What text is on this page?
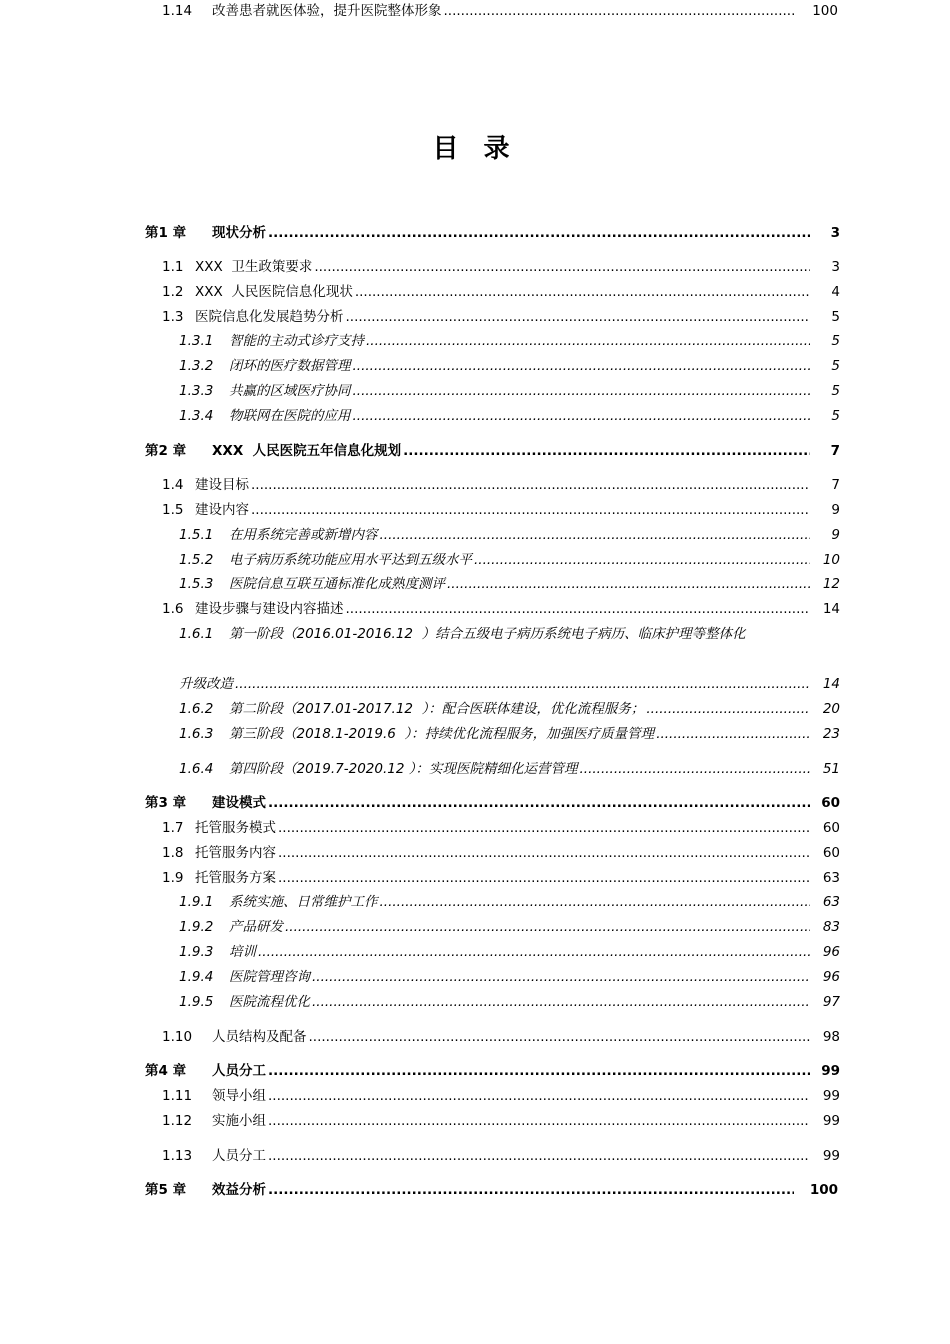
目 录
第1 章 现状分析 .....	3
1.1 XXX  卫生政策要求 .....	3
1.2 XXX  人民医院信息化现状 .....	4
1.3 医院信息化发展趋势分析 .....	5
1.3.1 智能的主动式诊疗支持 .....	5
1.3.2 闭环的医疗数据管理 .....	5
1.3.3 共赢的区域医疗协同 .....	5
1.3.4 物联网在医院的应用 .....	5
第2 章 XXX  人民医院五年信息化规划 .....	7
1.4 建设目标 .....	7
1.5 建设内容 .....	9
1.5.1 在用系统完善或新增内容 .....	9
1.5.2 电子病历系统功能应用水平达到五级水平 .....	10
1.5.3 医院信息互联互通标准化成熟度测评 .....	12
1.6 建设步骤与建设内容描述 .....	14
1.6.1 第一阶段（2016.01-2016.12  ）结合五级电子病历系统电子病历、临床护理等整体化
升级改造 .....	14
1.6.2 第二阶段（2017.01-2017.12  ）：配合医联体建设，优化流程服务； .....	20
1.6.3 第三阶段（2018.1-2019.6  ）：持续优化流程服务，加强医疗质量管理 .....	23
1.6.4 第四阶段（2019.7-2020.12 ）：实现医院精细化运营管理 .....	51
第3 章 建设模式 .....	60
1.7 托管服务模式 .....	60
1.8 托管服务内容 .....	60
1.9 托管服务方案 .....	63
1.9.1 系统实施、日常维护工作 .....	63
1.9.2 产品研发 .....	83
1.9.3 培训 .....	96
1.9.4 医院管理咨询 .....	96
1.9.5 医院流程优化 .....	97
1.10 人员结构及配备 .....	98
第4 章 人员分工 .....	99
1.11 领导小组 .....	99
1.12 实施小组 .....	99
1.13 人员分工 .....	99
第5 章 效益分析 .....	100
1.14 改善患者就医体验，提升医院整体形象 .....	100
